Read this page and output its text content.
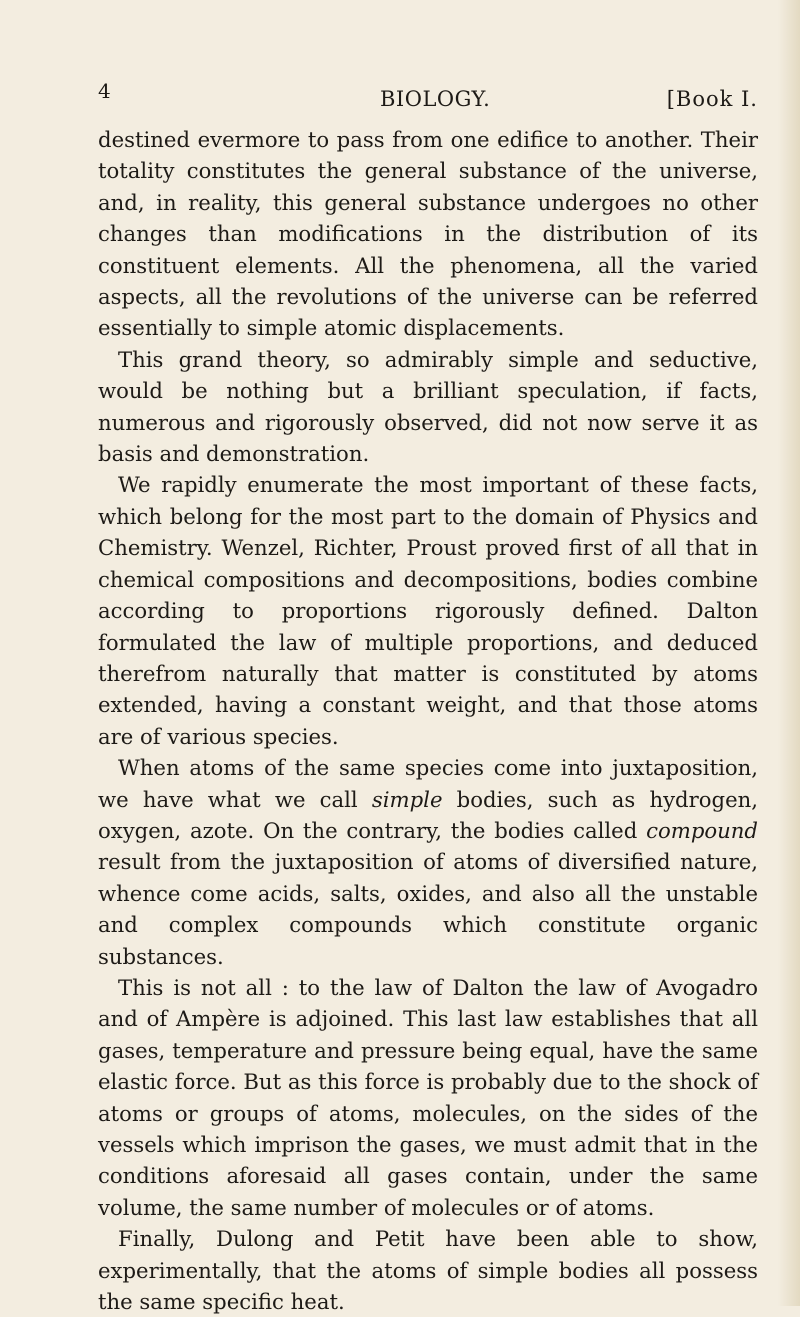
4	BIOLOGY.	[Book I.

destined evermore to pass from one edifice to another. Their totality constitutes the general substance of the universe, and, in reality, this general substance undergoes no other changes than modifications in the distribution of its constituent elements. All the phenomena, all the varied aspects, all the revolutions of the universe can be referred essentially to simple atomic displacements.

This grand theory, so admirably simple and seductive, would be nothing but a brilliant speculation, if facts, numerous and rigorously observed, did not now serve it as basis and demonstration.

We rapidly enumerate the most important of these facts, which belong for the most part to the domain of Physics and Chemistry. Wenzel, Richter, Proust proved first of all that in chemical compositions and decompositions, bodies combine according to proportions rigorously defined. Dalton formulated the law of multiple proportions, and deduced therefrom naturally that matter is constituted by atoms extended, having a constant weight, and that those atoms are of various species.

When atoms of the same species come into juxtaposition, we have what we call simple bodies, such as hydrogen, oxygen, azote. On the contrary, the bodies called compound result from the juxtaposition of atoms of diversified nature, whence come acids, salts, oxides, and also all the unstable and complex compounds which constitute organic substances.

This is not all : to the law of Dalton the law of Avogadro and of Ampère is adjoined. This last law establishes that all gases, temperature and pressure being equal, have the same elastic force. But as this force is probably due to the shock of atoms or groups of atoms, molecules, on the sides of the vessels which imprison the gases, we must admit that in the conditions aforesaid all gases contain, under the same volume, the same number of molecules or of atoms.

Finally, Dulong and Petit have been able to show, experimentally, that the atoms of simple bodies all possess the same specific heat.
